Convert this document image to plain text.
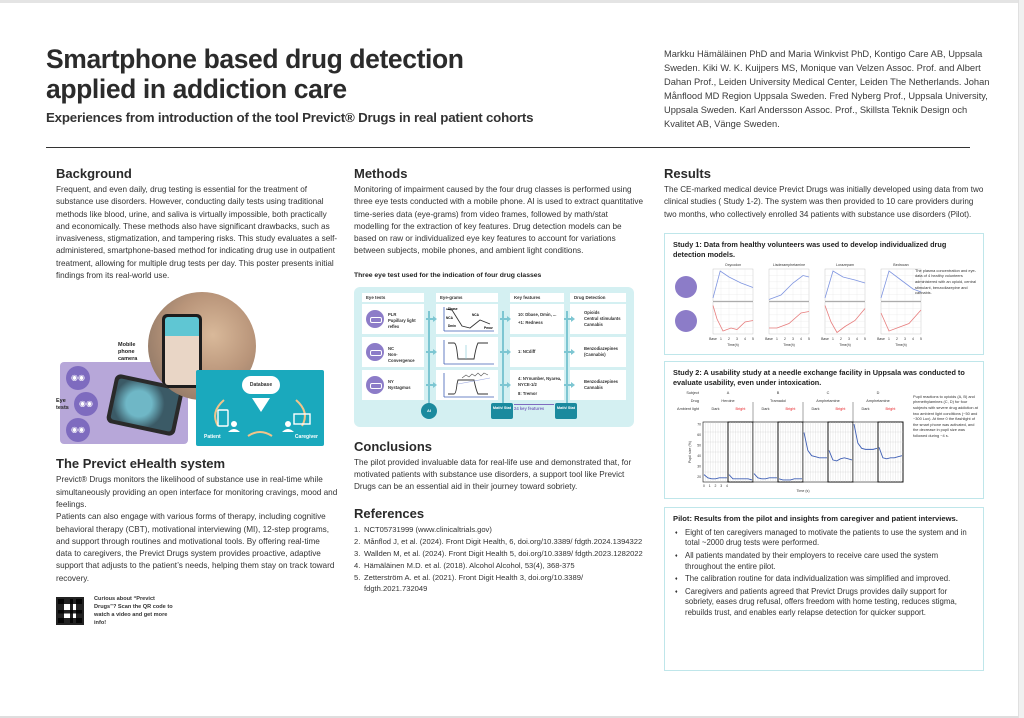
Smartphone based drug detection
applied in addiction care
Experiences from introduction of the tool Previct® Drugs in real patient cohorts
Markku Hämäläinen PhD and Maria Winkvist PhD, Kontigo Care AB, Uppsala Sweden. Kiki W. K. Kuijpers MS, Monique van Velzen Assoc. Prof. and Albert Dahan Prof., Leiden University Medical Center, Leiden The Netherlands. Johan Månflood MD Region Uppsala Sweden. Fred Nyberg Prof., Uppsala University, Uppsala Sweden. Karl Andersson Assoc. Prof., Skillsta Teknik Design och Kvalitet AB, Vänge Sweden.
Background

Frequent, and even daily, drug testing is essential for the treatment of substance use disorders. However, conducting daily tests using traditional methods like blood, urine, and saliva is virtually impossible, both practically and economically. These methods also have significant drawbacks, such as invasiveness, stigmatization, and tampering risks. This study evaluates a self-administered, smartphone-based method for indicating drug use in outpatient treatment, allowing for multiple drug tests per day. This poster presents initial findings from its real-world use.

◉◉
◉◉
◉◉
Eye tests
Mobile phone camera
Database
Patient	Caregiver
The Previct eHealth system

Previct® Drugs monitors the likelihood of substance use in real-time while simultaneously providing an open interface for monitoring cravings, mood and feelings.

Patients can also engage with various forms of therapy, including cognitive behavioral therapy (CBT), motivational interviewing (MI), 12-step programs, and support through routines and motivational tools. By offering real-time data to caregivers, the Previct Drugs system provides proactive, adaptive support that adjusts to the patient’s needs, helping them stay on track toward recovery.

Curious about “Previct Drugs”? Scan the QR code to watch a video and get more info!
Methods

Monitoring of impairment caused by the four drug classes is performed using three eye tests conducted with a mobile phone. AI is used to extract quantitative time-series data (eye-grams) from video frames, followed by math/stat modelling for the extraction of key features. Drug detection models can be based on raw or individualized eye key features to account for variations between subjects, mobile phones, and ambient light conditions.

Three eye test used for the indication of four drug classes
Eye tests	Eye-grams	Key features	Drug Detection
PLR
Pupillary light reflex
Dbase
NCA
NCA
Dmin	Pmov
10: Dbase, Dmin, ...
+1: Redness
Opioids
Central stimulants
Cannabis
NC
Non-Convergence
1: NCdiff
Benzodiazepines
(Cannabis)
NY
Nystagmus
4: NYnumber, Nyarea, NYCE-1/2
8: Tremor
Benzodiazepines
Cannabis
AI	Math/ Stat 24 key features	Math/ Stat
Conclusions

The pilot provided invaluable data for real-life use and demonstrated that, for motivated patients with substance use disorders, a support tool like Previct Drugs can be an essential aid in their journey toward sobriety.

References
1. NCT05731999 (www.clinicaltrials.gov)
2. Månflod J, et al. (2024). Front Digit Health, 6, doi.org/10.3389/ fdgth.2024.1394322
3. Wallden M, et al. (2024). Front Digit Health 5, doi.org/10.3389/ fdgth.2023.1282022
4. Hämäläinen M.D. et al. (2018). Alcohol Alcohol, 53(4), 368-375
5. Zetterström A. et al. (2021). Front Digit Health 3, doi.org/10.3389/ fdgth.2021.732049
Results

The CE-marked medical device Previct Drugs was initially developed using data from two clinical studies ( Study 1-2). The system was then provided to 10 care providers during two months, who collectively enrolled 34 patients with substance use disorders (Pilot).

Study 1: Data from healthy volunteers was used to develop individualized drug detection models.
Oxycodon
Base 1 2 3 4 5
Time(h)
Lisdexamphetamine
Base 1 2 3 4 5
Time(h)
Lorazepam
Base 1 2 3 4 5
Time(h)
Bedrocan
Base 1 2 3 4 5
Time(h)
The plasma concentration and eye-data of 4 healthy volunteers administered with an opioid, central stimulant, benzodiazepine and cannabis.
Study 2: A usability study at a needle exchange facility in Uppsala was conducted to evaluate usability, even under intoxication.
Subject
Drug
Ambient light
A
Heroine
Dark	Bright
B
Tramadol
Dark	Bright
C
Amphetamine
Dark	Bright
D
Amphetamine
Dark	Bright
70
60
50
40
30
20
Pupil size (%)
0 1 2 3 4
Time (s)
Pupil reactions to opioids (A, B) and phenethylamines (C, D) for four subjects with severe drug addiction at two ambient light conditions (~50 and ~300 Lux). At time 0 the flashlight of the smart phone was activated, and the decrease in pupil size was followed during ~4 s.
Pilot: Results from the pilot and insights from caregiver and patient interviews.
♦ Eight of ten caregivers managed to motivate the patients to use the system and in total ~2000 drug tests were performed.
♦ All patients mandated by their employers to receive care used the system throughout the entire pilot.
♦ The calibration routine for data individualization was simplified and improved.
♦ Caregivers and patients agreed that Previct Drugs provides daily support for sobriety, eases drug refusal, offers freedom with home testing, reduces stigma, rebuilds trust, and enables early relapse detection for quicker support.
